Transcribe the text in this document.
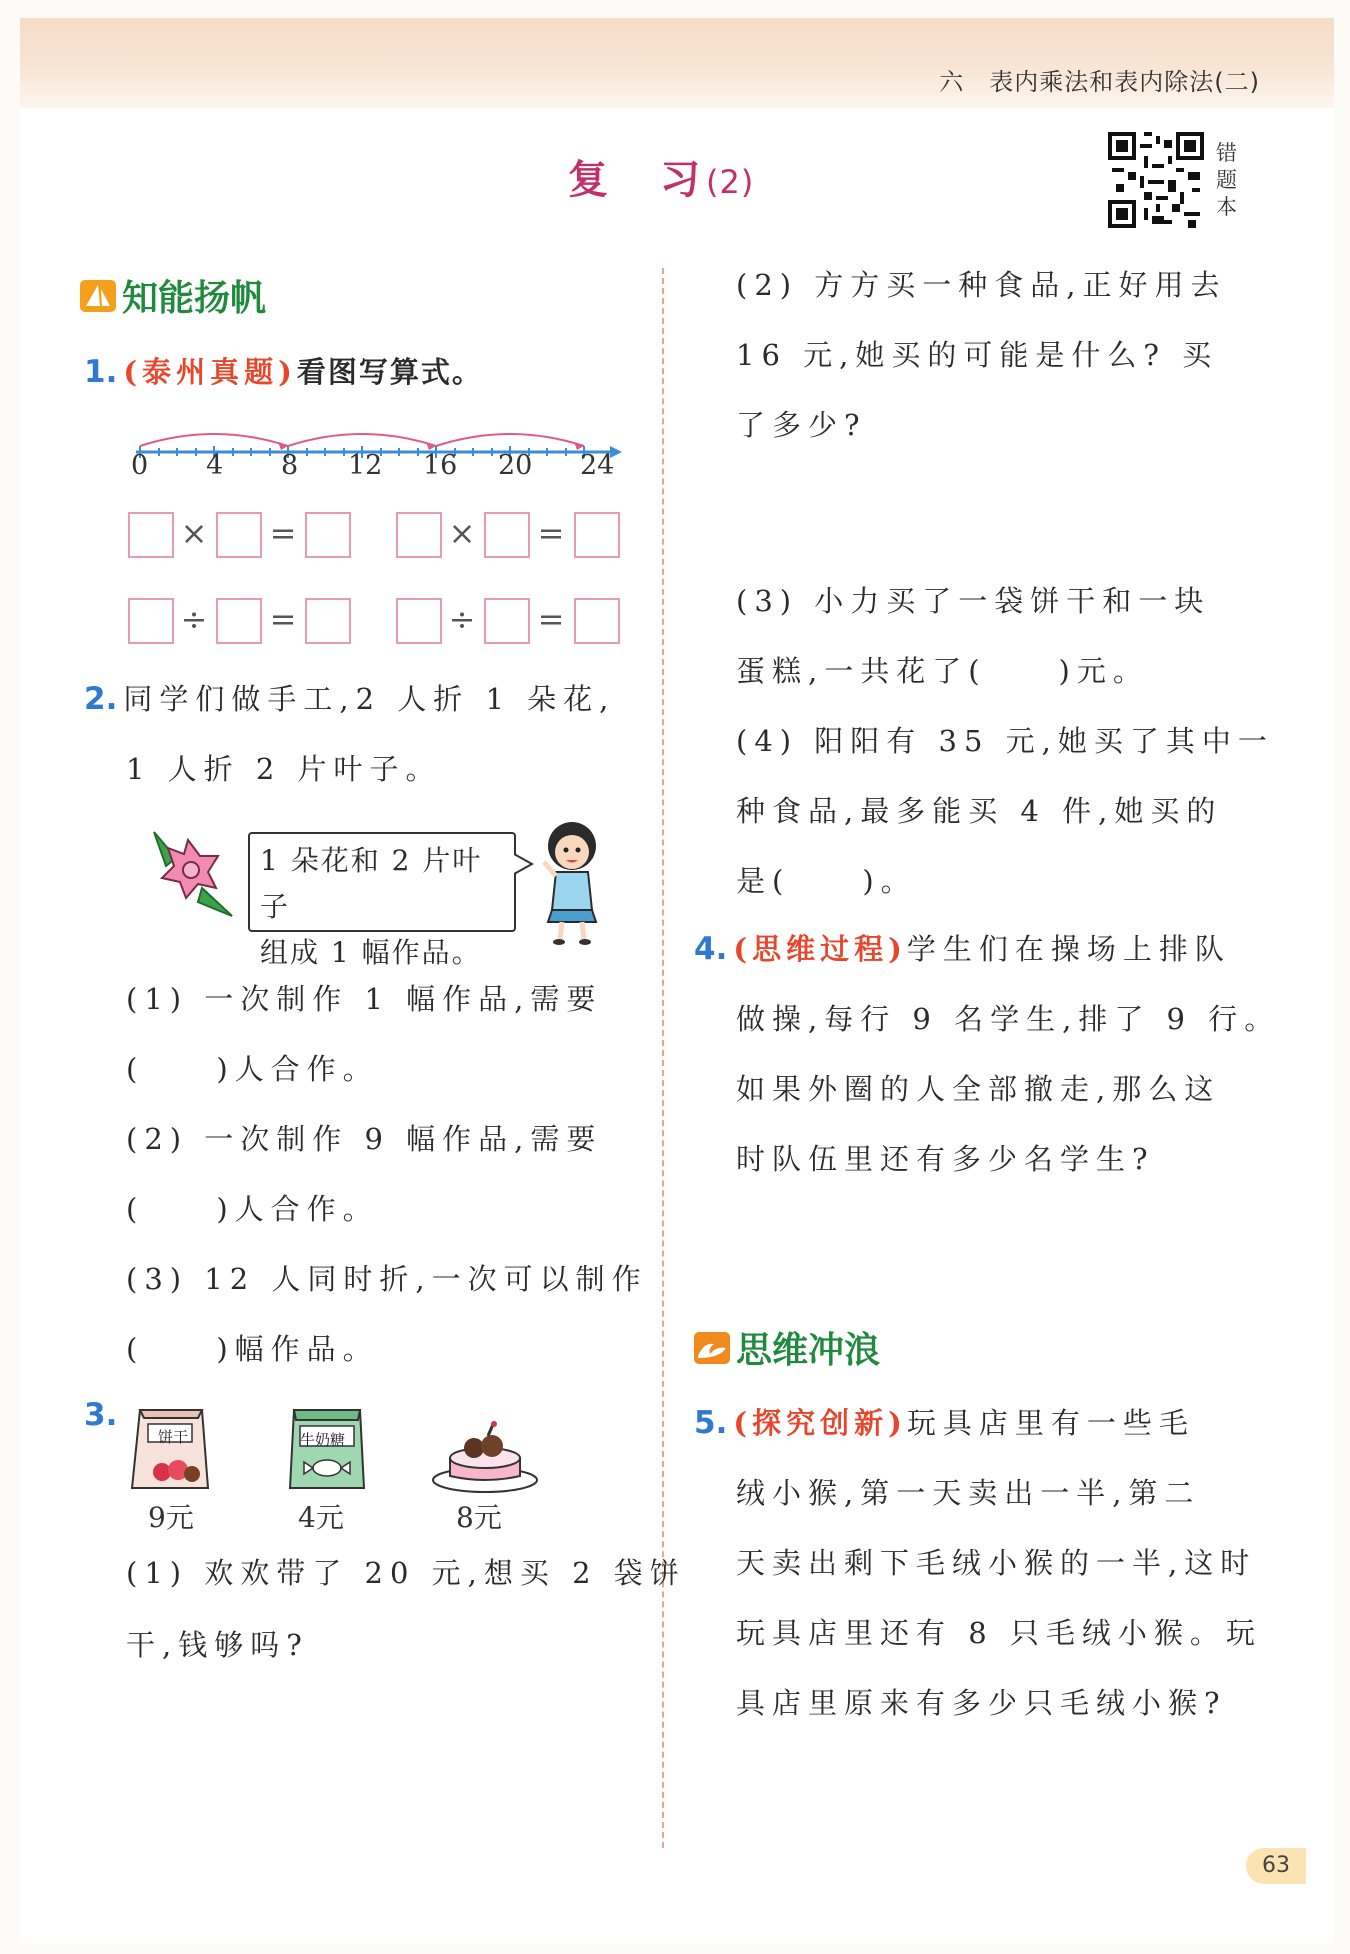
六　表内乘法和表内除法(二)
复　习(2)
错题本
知能扬帆
1. (泰州真题)看图写算式。
0 4 8 12 16 20 24
× =	× =
÷ =	÷ =
2. 同学们做手工,2 人折 1 朵花,
1 人折 2 片叶子。
1 朵花和 2 片叶子
组成 1 幅作品。
(1) 一次制作 1 幅作品,需要
(　　)人合作。
(2) 一次制作 9 幅作品,需要
(　　)人合作。
(3) 12 人同时折,一次可以制作
(　　)幅作品。
3.
饼干	牛奶糖
9元	4元	8元
(1) 欢欢带了 20 元,想买 2 袋饼
干,钱够吗?
(2) 方方买一种食品,正好用去
16 元,她买的可能是什么? 买
了多少?
(3) 小力买了一袋饼干和一块
蛋糕,一共花了(　　)元。
(4) 阳阳有 35 元,她买了其中一
种食品,最多能买 4 件,她买的
是(　　)。
4. (思维过程)学生们在操场上排队
做操,每行 9 名学生,排了 9 行。
如果外圈的人全部撤走,那么这
时队伍里还有多少名学生?
思维冲浪
5. (探究创新)玩具店里有一些毛
绒小猴,第一天卖出一半,第二
天卖出剩下毛绒小猴的一半,这时
玩具店里还有 8 只毛绒小猴。玩
具店里原来有多少只毛绒小猴?
63
